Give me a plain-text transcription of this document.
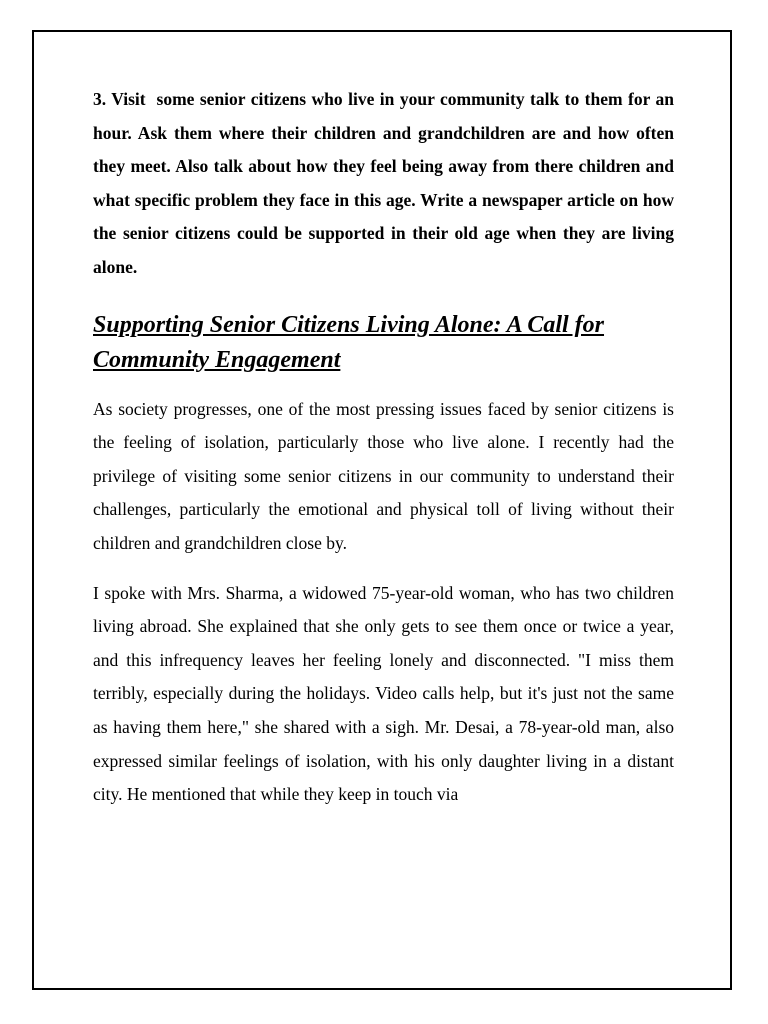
3. Visit  some senior citizens who live in your community talk to them for an hour. Ask them where their children and grandchildren are and how often they meet. Also talk about how they feel being away from there children and what specific problem they face in this age. Write a newspaper article on how the senior citizens could be supported in their old age when they are living alone.

Supporting Senior Citizens Living Alone: A Call for Community Engagement

As society progresses, one of the most pressing issues faced by senior citizens is the feeling of isolation, particularly those who live alone. I recently had the privilege of visiting some senior citizens in our community to understand their challenges, particularly the emotional and physical toll of living without their children and grandchildren close by.

I spoke with Mrs. Sharma, a widowed 75-year-old woman, who has two children living abroad. She explained that she only gets to see them once or twice a year, and this infrequency leaves her feeling lonely and disconnected. "I miss them terribly, especially during the holidays. Video calls help, but it's just not the same as having them here," she shared with a sigh. Mr. Desai, a 78-year-old man, also expressed similar feelings of isolation, with his only daughter living in a distant city. He mentioned that while they keep in touch via
